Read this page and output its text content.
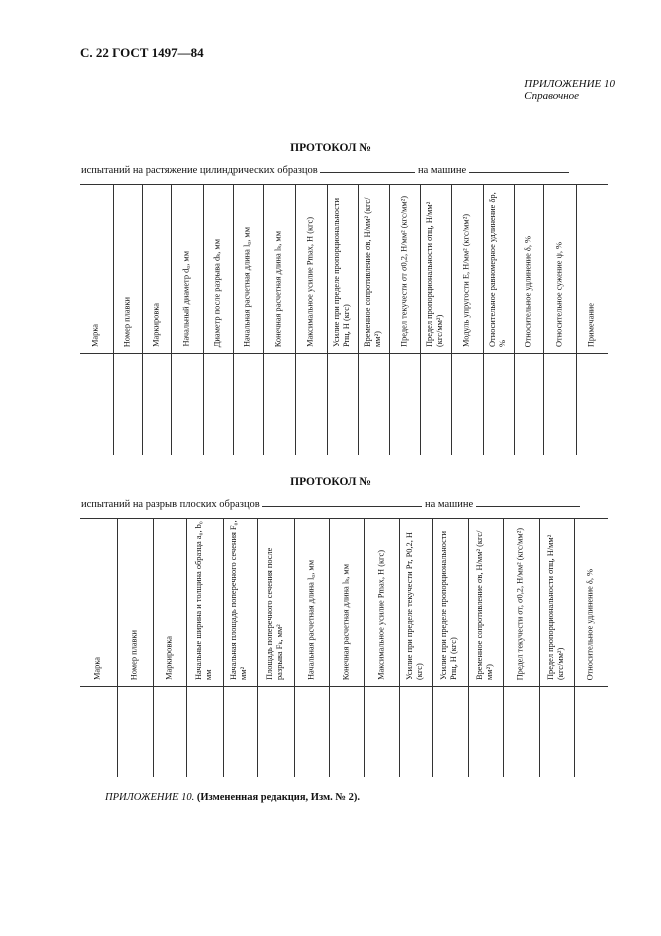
С. 22 ГОСТ 1497—84
ПРИЛОЖЕНИЕ 10
Справочное
ПРОТОКОЛ №
испытаний на растяжение цилиндрических образцов	на машине
Марка	Номер плавки	Маркировка	Начальный диаметр d₀, мм	Диаметр после разрыва dₖ, мм	Начальная расчетная длина l₀, мм	Конечная расчетная длина lₖ, мм	Максимальное усилие Pmax, Н (кгс)	Усилие при пределе пропорциональности Pпц, Н (кгс)	Временное сопротивление σв, Н/мм² (кгс/мм²)	Предел текучести σт σ0,2, Н/мм² (кгс/мм²)	Предел пропорциональности σпц, Н/мм² (кгс/мм²)	Модуль упругости E, Н/мм² (кгс/мм²)	Относительное равномерное удлинение δр, %	Относительное удлинение δ, %	Относительное сужение ψ, %	Примечание

ПРОТОКОЛ №
испытаний на разрыв плоских образцов	на машине
Марка	Номер плавки	Маркировка	Начальные ширина и толщина образца a₀, b₀ мм	Начальная площадь поперечного сечения F₀, мм²	Площадь поперечного сечения после разрыва Fₖ, мм²	Начальная расчетная длина l₀, мм	Конечная расчетная длина lₖ, мм	Максимальное усилие Pmax, Н (кгс)	Усилие при пределе текучести Pт, P0,2, Н (кгс)	Усилие при пределе пропорциональности Pпц, Н (кгс)	Временное сопротивление σв, Н/мм² (кгс/мм²)	Предел текучести σт, σ0,2, Н/мм² (кгс/мм²)	Предел пропорциональности σпц, Н/мм² (кгс/мм²)	Относительное удлинение δ, %

ПРИЛОЖЕНИЕ 10. (Измененная редакция, Изм. № 2).
